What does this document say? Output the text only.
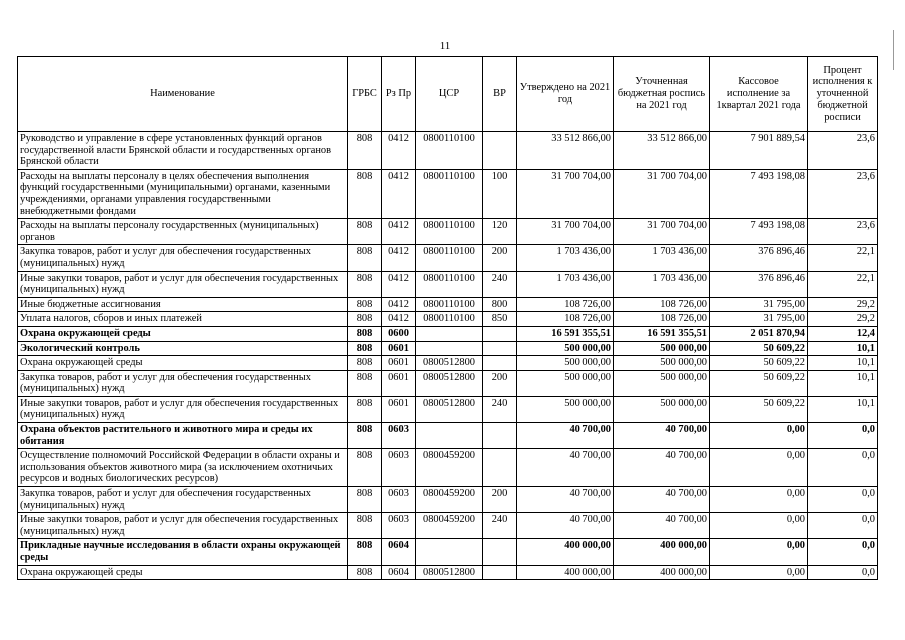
11
Наименование	ГРБС	Рз Пр	ЦСР	ВР	Утверждено на 2021 год	Уточненная бюджетная роспись на 2021 год	Кассовое исполнение за 1квартал 2021 года	Процент исполнения к уточненной бюджетной росписи
Руководство и управление в сфере установленных функций органов государственной власти Брянской области и государственных органов Брянской области	808	0412	0800110100		33 512 866,00	33 512 866,00	7 901 889,54	23,6
Расходы на выплаты персоналу в целях обеспечения выполнения функций государственными (муниципальными) органами, казенными учреждениями, органами управления государственными внебюджетными фондами	808	0412	0800110100	100	31 700 704,00	31 700 704,00	7 493 198,08	23,6
Расходы на выплаты персоналу государственных (муниципальных) органов	808	0412	0800110100	120	31 700 704,00	31 700 704,00	7 493 198,08	23,6
Закупка товаров, работ и услуг для обеспечения государственных (муниципальных) нужд	808	0412	0800110100	200	1 703 436,00	1 703 436,00	376 896,46	22,1
Иные закупки товаров, работ и услуг для обеспечения государственных (муниципальных) нужд	808	0412	0800110100	240	1 703 436,00	1 703 436,00	376 896,46	22,1
Иные бюджетные ассигнования	808	0412	0800110100	800	108 726,00	108 726,00	31 795,00	29,2
Уплата налогов, сборов и иных платежей	808	0412	0800110100	850	108 726,00	108 726,00	31 795,00	29,2
Охрана окружающей среды	808	0600			16 591 355,51	16 591 355,51	2 051 870,94	12,4
Экологический контроль	808	0601			500 000,00	500 000,00	50 609,22	10,1
Охрана окружающей среды	808	0601	0800512800		500 000,00	500 000,00	50 609,22	10,1
Закупка товаров, работ и услуг для обеспечения государственных (муниципальных) нужд	808	0601	0800512800	200	500 000,00	500 000,00	50 609,22	10,1
Иные закупки товаров, работ и услуг для обеспечения государственных (муниципальных) нужд	808	0601	0800512800	240	500 000,00	500 000,00	50 609,22	10,1
Охрана объектов растительного и животного мира и среды их обитания	808	0603			40 700,00	40 700,00	0,00	0,0
Осуществление полномочий Российской Федерации в области охраны и использования объектов животного мира (за исключением охотничьих ресурсов и водных биологических ресурсов)	808	0603	0800459200		40 700,00	40 700,00	0,00	0,0
Закупка товаров, работ и услуг для обеспечения государственных (муниципальных) нужд	808	0603	0800459200	200	40 700,00	40 700,00	0,00	0,0
Иные закупки товаров, работ и услуг для обеспечения государственных (муниципальных) нужд	808	0603	0800459200	240	40 700,00	40 700,00	0,00	0,0
Прикладные научные исследования в области охраны окружающей среды	808	0604			400 000,00	400 000,00	0,00	0,0
Охрана окружающей среды	808	0604	0800512800		400 000,00	400 000,00	0,00	0,0
